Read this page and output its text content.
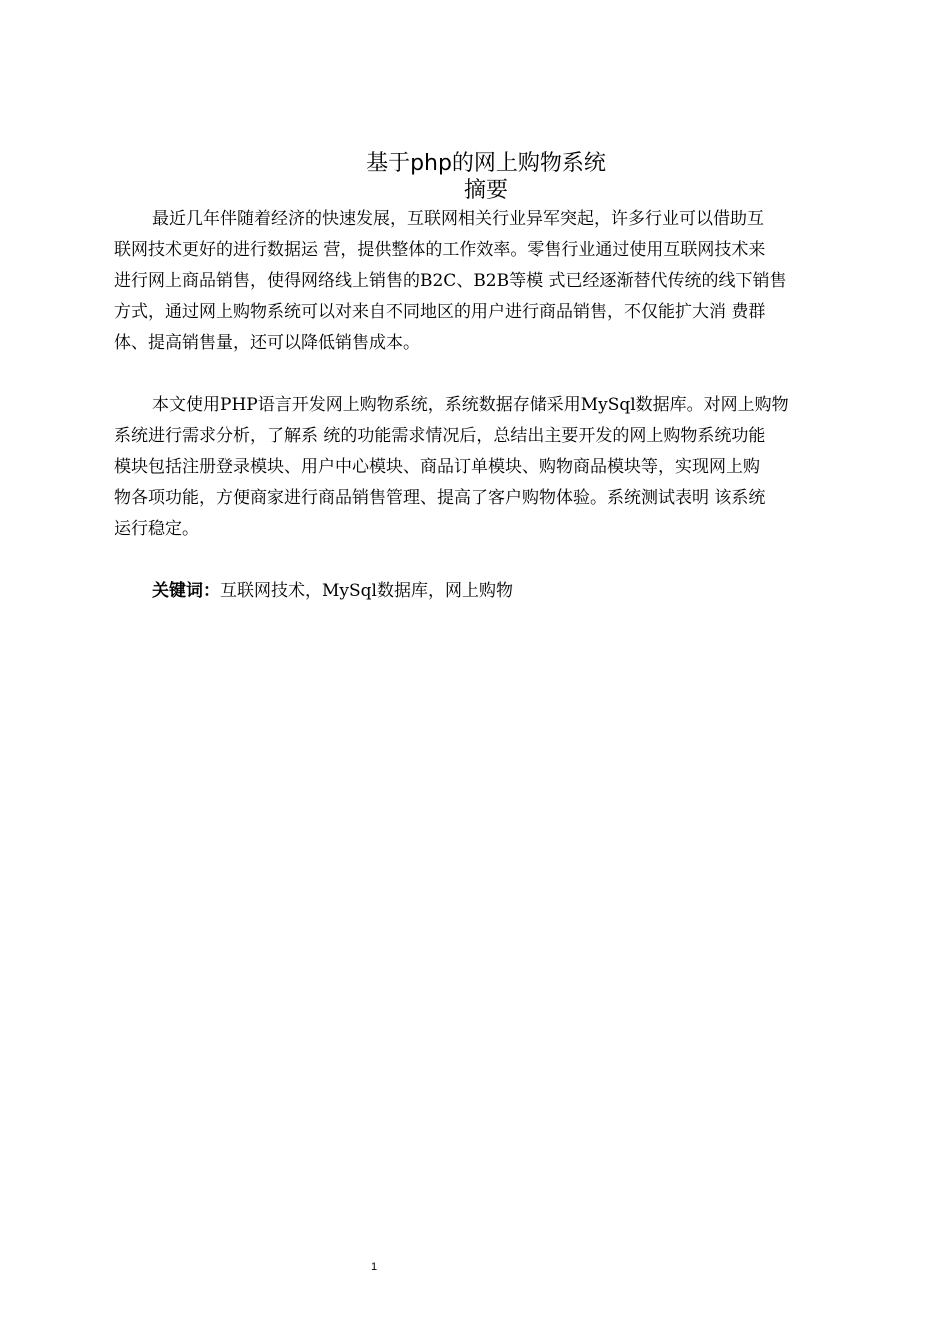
基于php的网上购物系统
摘要

最近几年伴随着经济的快速发展，互联网相关行业异军突起，许多行业可以借助互
联网技术更好的进行数据运 营，提供整体的工作效率。零售行业通过使用互联网技术来
进行网上商品销售，使得网络线上销售的B2C、B2B等模 式已经逐渐替代传统的线下销售
方式，通过网上购物系统可以对来自不同地区的用户进行商品销售，不仅能扩大消 费群
体、提高销售量，还可以降低销售成本。

本文使用PHP语言开发网上购物系统，系统数据存储采用MySql数据库。对网上购物
系统进行需求分析，了解系 统的功能需求情况后，总结出主要开发的网上购物系统功能
模块包括注册登录模块、用户中心模块、商品订单模块、购物商品模块等，实现网上购
物各项功能，方便商家进行商品销售管理、提高了客户购物体验。系统测试表明 该系统
运行稳定。

关键词：互联网技术，MySql数据库，网上购物

1
